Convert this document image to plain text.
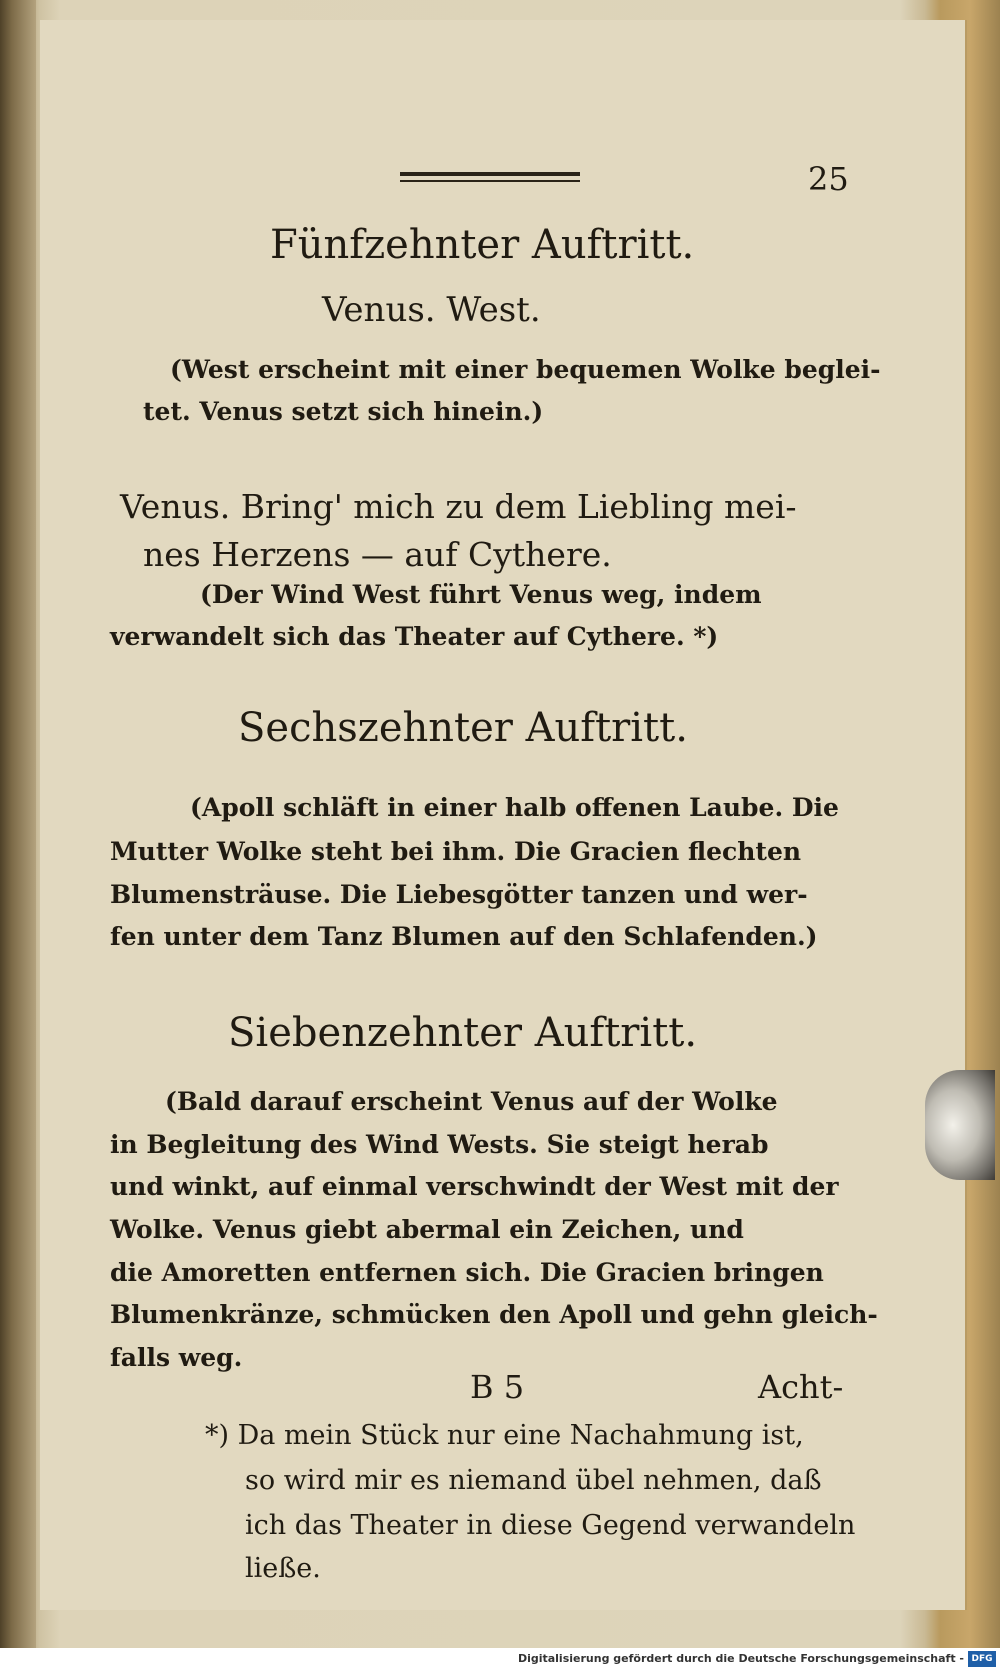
25

Fünfzehnter Auftritt.

Venus. West.

(West erscheint mit einer bequemen Wolke beglei-

tet. Venus setzt sich hinein.)

Venus. Bring' mich zu dem Liebling mei-

nes Herzens — auf Cythere.

(Der Wind West führt Venus weg, indem

verwandelt sich das Theater auf Cythere. *)

Sechszehnter Auftritt.

(Apoll schläft in einer halb offenen Laube. Die

Mutter Wolke steht bei ihm. Die Gracien flechten

Blumensträuse. Die Liebesgötter tanzen und wer-

fen unter dem Tanz Blumen auf den Schlafenden.)

Siebenzehnter Auftritt.

(Bald darauf erscheint Venus auf der Wolke

in Begleitung des Wind Wests. Sie steigt herab

und winkt, auf einmal verschwindt der West mit der

Wolke. Venus giebt abermal ein Zeichen, und

die Amoretten entfernen sich. Die Gracien bringen

Blumenkränze, schmücken den Apoll und gehn gleich-

falls weg.

B 5	Acht-

*) Da mein Stück nur eine Nachahmung ist,

so wird mir es niemand übel nehmen, daß

ich das Theater in diese Gegend verwandeln

ließe.

Digitalisierung gefördert durch die Deutsche Forschungsgemeinschaft - DFG
